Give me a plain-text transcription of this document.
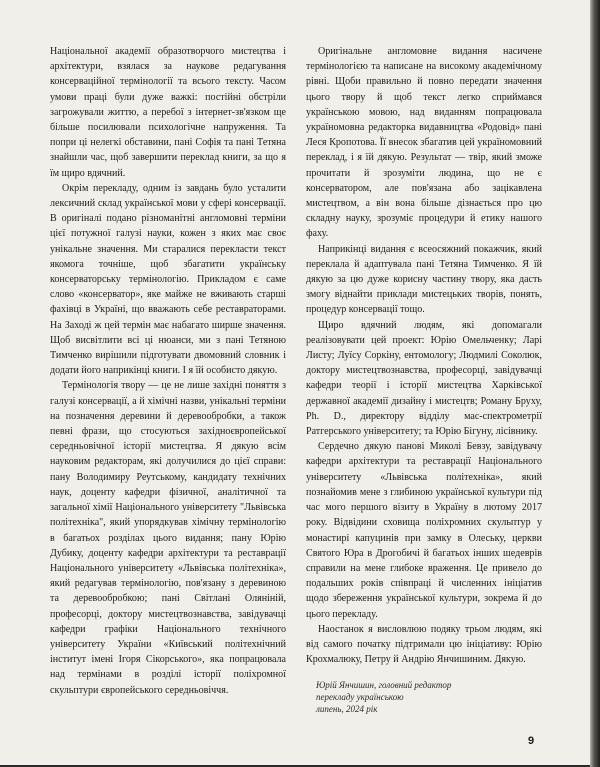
Національної академії образотворчого мистецтва і архітектури, взялася за наукове редагування консерваційної термінології та всього тексту. Часом умови праці були дуже важкі: постійні обстріли загрожували життю, а перебої з інтернет-зв'язком ще більше посилювали психологічне напруження. Та попри ці нелегкі обставини, пані Софія та пані Тетяна знайшли час, щоб завершити переклад книги, за що я їм щиро вдячний.

Окрім перекладу, одним із завдань було усталити лексичний склад української мови у сфері консервації. В оригіналі подано різноманітні англомовні терміни цієї потужної галузі науки, кожен з яких має своє унікальне значення. Ми старалися перекласти текст якомога точніше, щоб збагатити українську консерваторську термінологію. Прикладом є саме слово «консерватор», яке майже не вживають старші фахівці в Україні, що вважають себе реставраторами. На Заході ж цей термін має набагато ширше значення. Щоб висвітлити всі ці нюанси, ми з пані Тетяною Тимченко вирішили підготувати двомовний словник і додати його наприкінці книги. І я їй особисто дякую.

Термінологія твору — це не лише західні поняття з галузі консервації, а й хімічні назви, унікальні терміни на позначення деревини й деревообробки, а також певні фрази, що стосуються західноєвропейської середньовічної історії мистецтва. Я дякую всім науковим редакторам, які долучилися до цієї справи: пану Володимиру Реутському, кандидату технічних наук, доценту кафедри фізичної, аналітичної та загальної хімії Національного університету "Львівська політехніка", який упорядкував хімічну термінологію в багатьох розділах цього видання; пану Юрію Дубику, доценту кафедри архітектури та реставрації Національного університету «Львівська політехніка», який редагував термінологію, пов'язану з деревиною та деревообробкою; пані Світлані Оляніній, професорці, доктору мистецтвознавства, завідувачці кафедри графіки Національного технічного університету України «Київський політехнічний інститут імені Ігоря Сікорського», яка попрацювала над термінами в розділі історії поліхромної скульптури європейського середньовіччя.

Оригінальне англомовне видання насичене термінологією та написане на високому академічному рівні. Щоби правильно й повно передати значення цього твору й щоб текст легко сприймався українською мовою, над виданням попрацювала україномовна редакторка видавництва «Родовід» пані Леся Кропотова. Її внесок збагатив цей україномовний переклад, і я їй дякую. Результат — твір, який зможе прочитати й зрозуміти людина, що не є консерватором, але пов'язана або зацікавлена мистецтвом, а він вона більше дізнається про цю складну науку, зрозуміє процедури й етику нашого фаху.

Наприкінці видання є всеосяжний покажчик, який переклала й адаптувала пані Тетяна Тимченко. Я їй дякую за цю дуже корисну частину твору, яка дасть змогу віднайти приклади мистецьких творів, понять, процедур консервації тощо.

Щиро вдячний людям, які допомагали реалізовувати цей проект: Юрію Омельченку; Ларі Листу; Луїсу Соркіну, ентомологу; Людмилі Соколюк, доктору мистецтвознавства, професорці, завідувачці кафедри теорії і історії мистецтва Харківської державної академії дизайну і мистецтв; Роману Бруху, Ph. D., директору відділу мас-спектрометрії Ратгерського університету; та Юрію Бігуну, лісівнику.

Сердечно дякую панові Миколі Бевзу, завідувачу кафедри архітектури та реставрації Національного університету «Львівська політехніка», який познайомив мене з глибиною української культури під час мого першого візиту в Україну в лютому 2017 року. Відвідини сховища поліхромних скульптур у монастирі капуцинів при замку в Олеську, церкви Святого Юра в Дрогобичі й багатьох інших шедеврів справили на мене глибоке враження. Це привело до подальших років співпраці й численних ініціатив щодо збереження української культури, зокрема й до цього перекладу.

Наостанок я висловлюю подяку трьом людям, які від самого початку підтримали цю ініціативу: Юрію Крохмалюку, Петру й Андрію Янчишиним. Дякую.

Юрій Янчишин, головний редактор
перекладу українською
липень, 2024 рік
9
